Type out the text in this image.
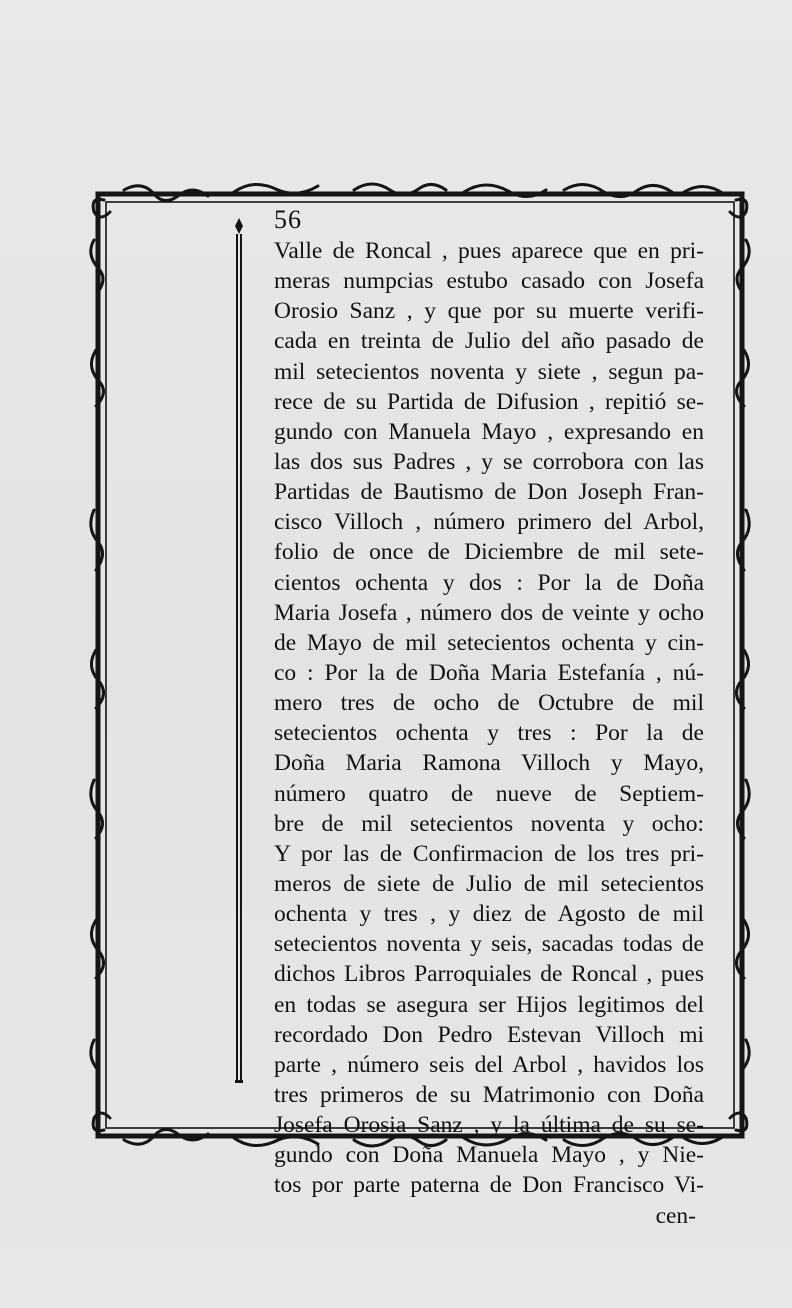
56
Valle de Roncal , pues aparece que en pri-
meras numpcias estubo casado con Josefa
Orosio Sanz , y que por su muerte verifi-
cada en treinta de Julio del año pasado de
mil setecientos noventa y siete , segun pa-
rece de su Partida de Difusion , repitió se-
gundo con Manuela Mayo , expresando en
las dos sus Padres , y se corrobora con las
Partidas de Bautismo de Don Joseph Fran-
cisco Villoch , número primero del Arbol,
folio de once de Diciembre de mil sete-
cientos ochenta y dos : Por la de Doña
Maria Josefa , número dos de veinte y ocho
de Mayo de mil setecientos ochenta y cin-
co : Por la de Doña Maria Estefanía , nú-
mero tres de ocho de Octubre de mil
setecientos ochenta y tres : Por la de
Doña Maria Ramona Villoch y Mayo,
número quatro de nueve de Septiem-
bre de mil setecientos noventa y ocho:
Y por las de Confirmacion de los tres pri-
meros de siete de Julio de mil setecientos
ochenta y tres , y diez de Agosto de mil
setecientos noventa y seis, sacadas todas de
dichos Libros Parroquiales de Roncal , pues
en todas se asegura ser Hijos legitimos del
recordado Don Pedro Estevan Villoch mi
parte , número seis del Arbol , havidos los
tres primeros de su Matrimonio con Doña
Josefa Orosia Sanz , y la última de su se-
gundo con Doña Manuela Mayo , y Nie-
tos por parte paterna de Don Francisco Vi-
cen-
